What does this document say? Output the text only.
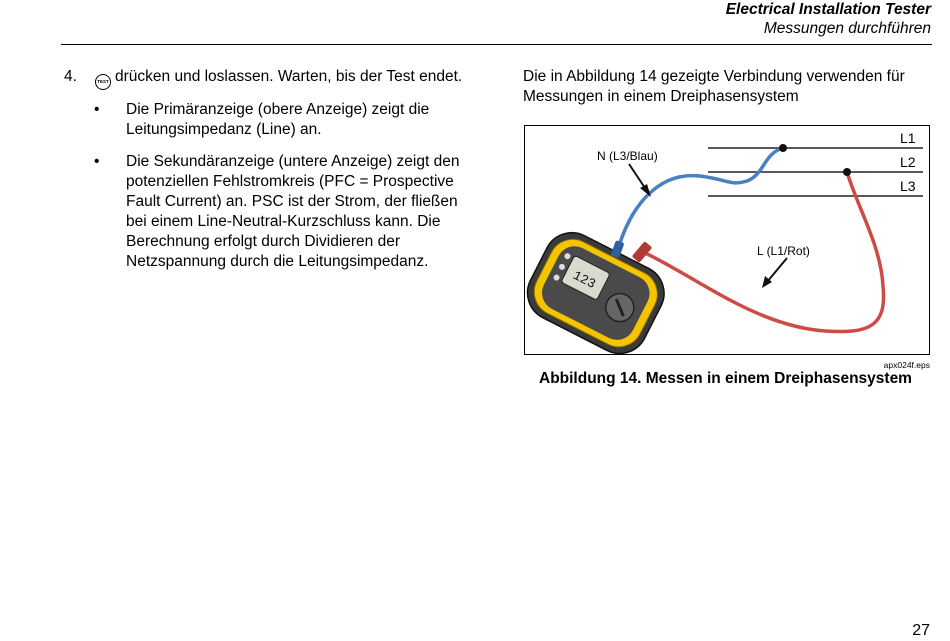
Electrical Installation Tester
Messungen durchführen
4.	TEST drücken und loslassen. Warten, bis der Test endet.
• Die Primäranzeige (obere Anzeige) zeigt die Leitungsimpedanz (Line) an.
• Die Sekundäranzeige (untere Anzeige) zeigt den potenziellen Fehlstromkreis (PFC = Prospective Fault Current) an. PSC ist der Strom, der fließen bei einem Line-Neutral-Kurzschluss kann. Die Berechnung erfolgt durch Dividieren der Netzspannung durch die Leitungsimpedanz.
Die in Abbildung 14 gezeigte Verbindung verwenden für Messungen in einem Dreiphasensystem
123
L1
L2
L3
N (L3/Blau)
L (L1/Rot)
apx024f.eps
Abbildung 14. Messen in einem Dreiphasensystem
27
